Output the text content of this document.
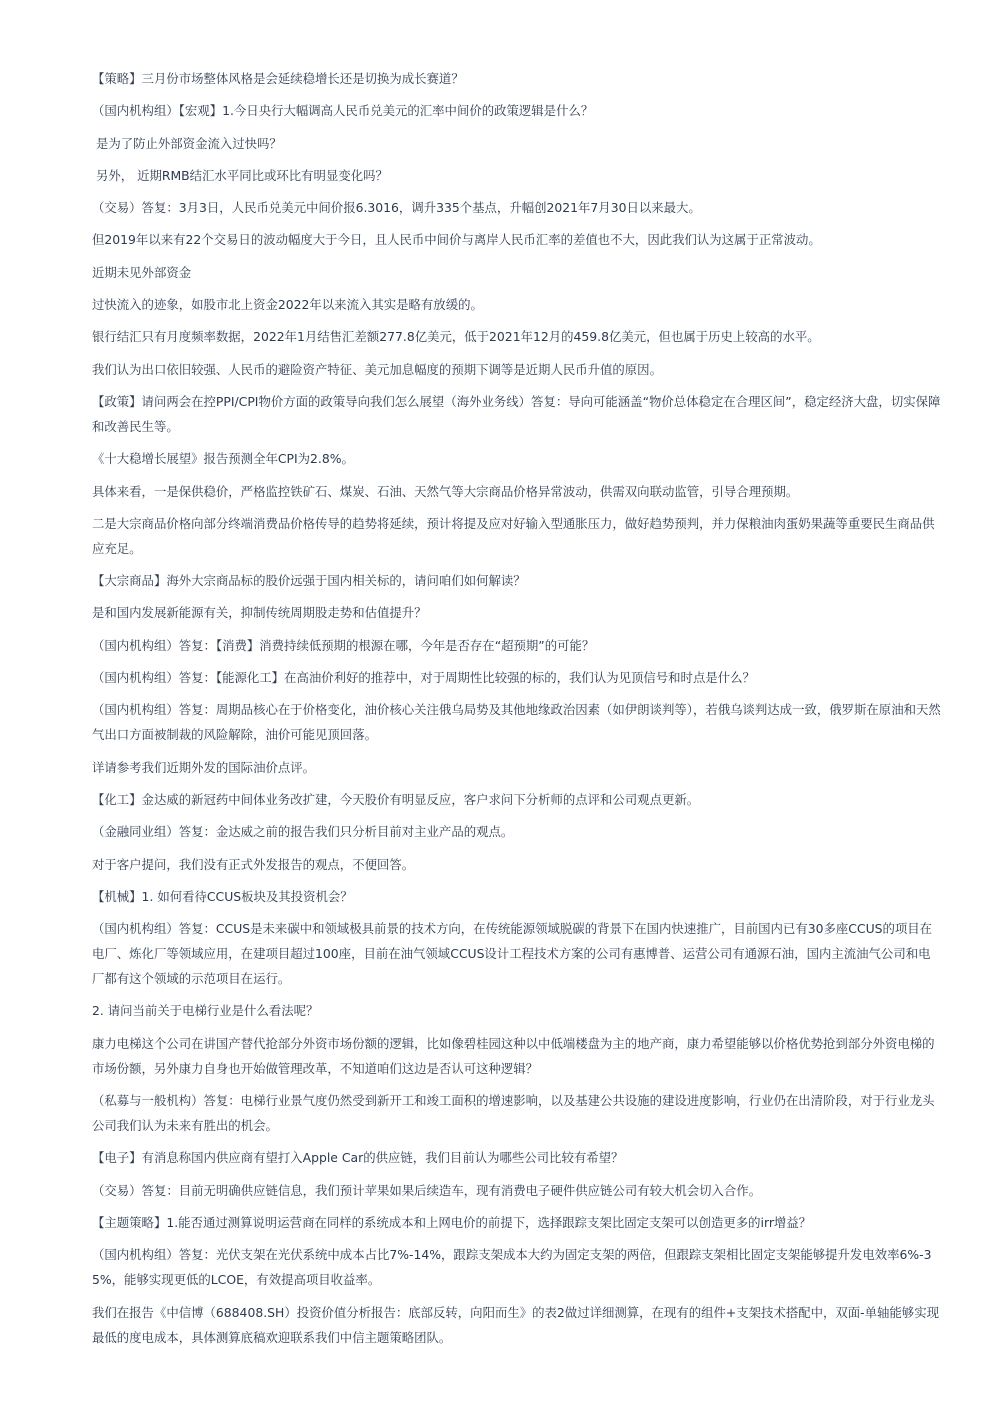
【策略】三月份市场整体风格是会延续稳增长还是切换为成长赛道？

（国内机构组）【宏观】1.今日央行大幅调高人民币兑美元的汇率中间价的政策逻辑是什么？

是为了防止外部资金流入过快吗？

另外， 近期RMB结汇水平同比或环比有明显变化吗？

（交易）答复：3月3日，人民币兑美元中间价报6.3016，调升335个基点，升幅创2021年7月30日以来最大。

但2019年以来有22个交易日的波动幅度大于今日，且人民币中间价与离岸人民币汇率的差值也不大，因此我们认为这属于正常波动。

近期未见外部资金

过快流入的迹象，如股市北上资金2022年以来流入其实是略有放缓的。

银行结汇只有月度频率数据，2022年1月结售汇差额277.8亿美元，低于2021年12月的459.8亿美元，但也属于历史上较高的水平。

我们认为出口依旧较强、人民币的避险资产特征、美元加息幅度的预期下调等是近期人民币升值的原因。

【政策】请问两会在控PPI/CPI物价方面的政策导向我们怎么展望（海外业务线）答复：导向可能涵盖“物价总体稳定在合理区间”，稳定经济大盘，切实保障和改善民生等。

《十大稳增长展望》报告预测全年CPI为2.8%。

具体来看，一是保供稳价，严格监控铁矿石、煤炭、石油、天然气等大宗商品价格异常波动，供需双向联动监管，引导合理预期。

二是大宗商品价格向部分终端消费品价格传导的趋势将延续，预计将提及应对好输入型通胀压力，做好趋势预判，并力保粮油肉蛋奶果蔬等重要民生商品供应充足。

【大宗商品】海外大宗商品标的股价远强于国内相关标的，请问咱们如何解读？

是和国内发展新能源有关，抑制传统周期股走势和估值提升？

（国内机构组）答复：【消费】消费持续低预期的根源在哪，今年是否存在“超预期”的可能？

（国内机构组）答复：【能源化工】在高油价利好的推荐中，对于周期性比较强的标的，我们认为见顶信号和时点是什么？

（国内机构组）答复：周期品核心在于价格变化，油价核心关注俄乌局势及其他地缘政治因素（如伊朗谈判等），若俄乌谈判达成一致，俄罗斯在原油和天然气出口方面被制裁的风险解除，油价可能见顶回落。

详请参考我们近期外发的国际油价点评。

【化工】金达威的新冠药中间体业务改扩建，今天股价有明显反应，客户求问下分析师的点评和公司观点更新。

（金融同业组）答复：金达威之前的报告我们只分析目前对主业产品的观点。

对于客户提问，我们没有正式外发报告的观点，不便回答。

【机械】1. 如何看待CCUS板块及其投资机会？

（国内机构组）答复：CCUS是未来碳中和领域极具前景的技术方向，在传统能源领域脱碳的背景下在国内快速推广，目前国内已有30多座CCUS的项目在电厂、炼化厂等领域应用，在建项目超过100座，目前在油气领域CCUS设计工程技术方案的公司有惠博普、运营公司有通源石油，国内主流油气公司和电厂都有这个领域的示范项目在运行。

2. 请问当前关于电梯行业是什么看法呢？

康力电梯这个公司在讲国产替代抢部分外资市场份额的逻辑，比如像碧桂园这种以中低端楼盘为主的地产商，康力希望能够以价格优势抢到部分外资电梯的市场份额，另外康力自身也开始做管理改革，不知道咱们这边是否认可这种逻辑？

（私募与一般机构）答复：电梯行业景气度仍然受到新开工和竣工面积的增速影响，以及基建公共设施的建设进度影响，行业仍在出清阶段，对于行业龙头公司我们认为未来有胜出的机会。

【电子】有消息称国内供应商有望打入Apple Car的供应链，我们目前认为哪些公司比较有希望？

（交易）答复：目前无明确供应链信息，我们预计苹果如果后续造车，现有消费电子硬件供应链公司有较大机会切入合作。

【主题策略】1.能否通过测算说明运营商在同样的系统成本和上网电价的前提下，选择跟踪支架比固定支架可以创造更多的irr增益？

（国内机构组）答复：光伏支架在光伏系统中成本占比7%-14%，跟踪支架成本大约为固定支架的两倍，但跟踪支架相比固定支架能够提升发电效率6%-35%，能够实现更低的LCOE，有效提高项目收益率。

我们在报告《中信博（688408.SH）投资价值分析报告：底部反转，向阳而生》的表2做过详细测算，在现有的组件+支架技术搭配中，双面-单轴能够实现最低的度电成本，具体测算底稿欢迎联系我们中信主题策略团队。
